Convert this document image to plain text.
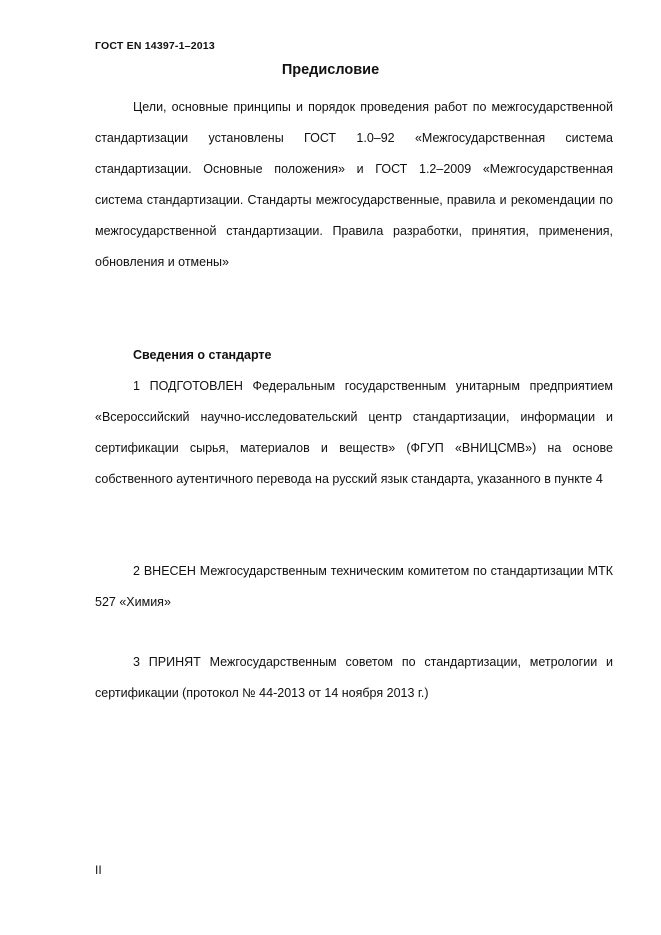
ГОСТ EN 14397-1–2013
Предисловие

Цели, основные принципы и порядок проведения работ по межгосударственной стандартизации установлены ГОСТ 1.0–92 «Межгосударственная система стандартизации. Основные положения» и ГОСТ 1.2–2009 «Межгосударственная система стандартизации. Стандарты межгосударственные, правила и рекомендации по межгосударственной стандартизации. Правила разработки, принятия, применения, обновления и отмены»

Сведения о стандарте

1 ПОДГОТОВЛЕН Федеральным государственным унитарным предприятием «Всероссийский научно-исследовательский центр стандартизации, информации и сертификации сырья, материалов и веществ» (ФГУП «ВНИЦСМВ») на основе собственного аутентичного перевода на русский язык стандарта, указанного в пункте 4

2 ВНЕСЕН Межгосударственным техническим комитетом по стандартизации МТК 527 «Химия»

3 ПРИНЯТ Межгосударственным советом по стандартизации, метрологии и сертификации (протокол № 44-2013 от 14 ноября 2013 г.)

II
